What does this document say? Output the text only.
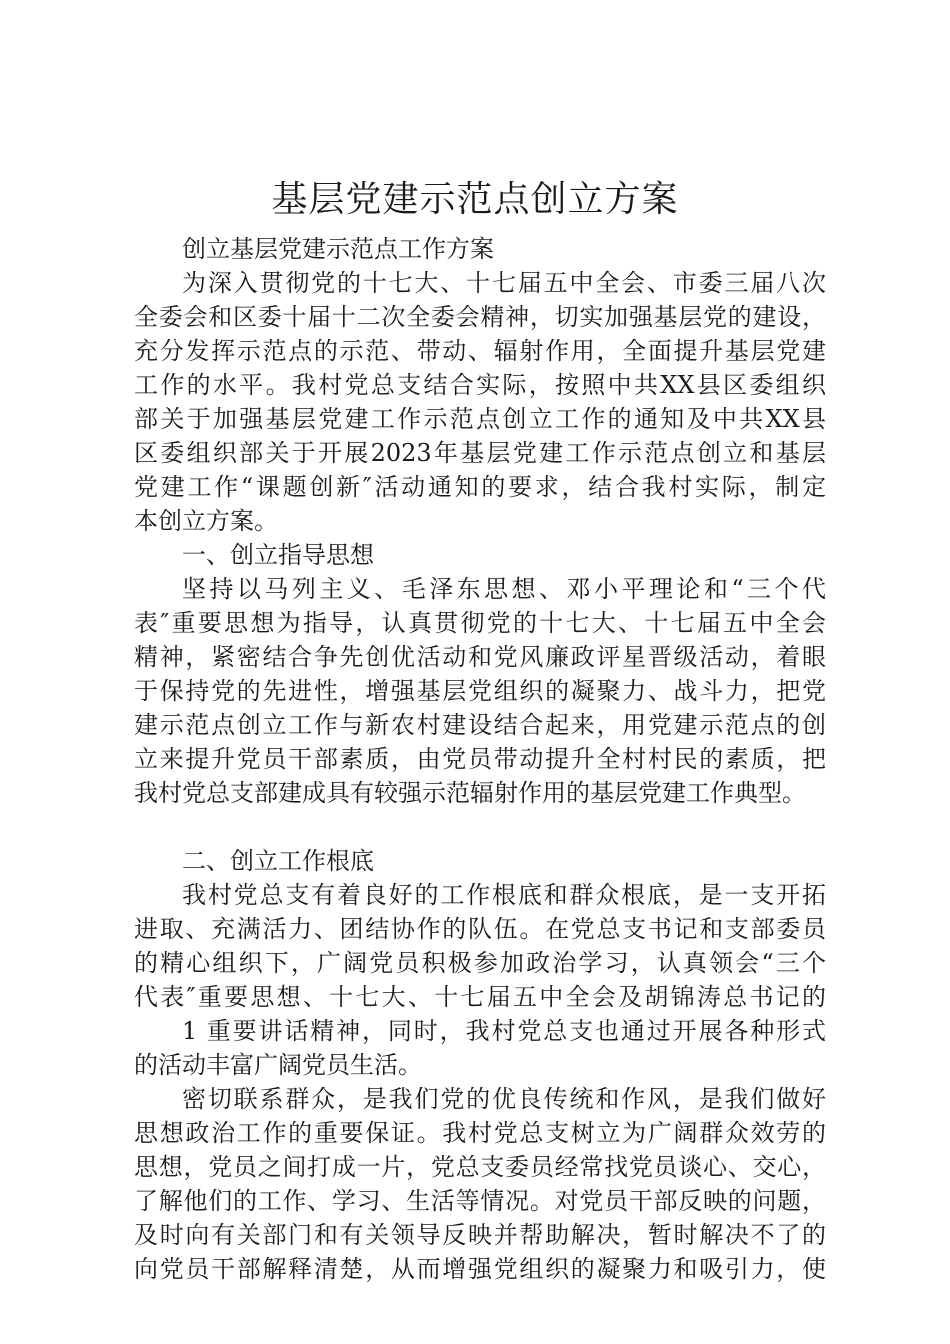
基层党建示范点创立方案
创立基层党建示范点工作方案
为深入贯彻党的十七大、十七届五中全会、市委三届八次
全委会和区委十届十二次全委会精神，切实加强基层党的建设，
充分发挥示范点的示范、带动、辐射作用，全面提升基层党建
工作的水平。我村党总支结合实际，按照中共XX县区委组织
部关于加强基层党建工作示范点创立工作的通知及中共XX县
区委组织部关于开展2023年基层党建工作示范点创立和基层
党建工作“课题创新″活动通知的要求，结合我村实际，制定
本创立方案。
一、创立指导思想
坚持以马列主义、毛泽东思想、邓小平理论和“三个代
表″重要思想为指导，认真贯彻党的十七大、十七届五中全会
精神，紧密结合争先创优活动和党风廉政评星晋级活动，着眼
于保持党的先进性，增强基层党组织的凝聚力、战斗力，把党
建示范点创立工作与新农村建设结合起来，用党建示范点的创
立来提升党员干部素质，由党员带动提升全村村民的素质，把
我村党总支部建成具有较强示范辐射作用的基层党建工作典型。
二、创立工作根底
我村党总支有着良好的工作根底和群众根底，是一支开拓
进取、充满活力、团结协作的队伍。在党总支书记和支部委员
的精心组织下，广阔党员积极参加政治学习，认真领会“三个
代表″重要思想、十七大、十七届五中全会及胡锦涛总书记的
1 重要讲话精神，同时，我村党总支也通过开展各种形式
的活动丰富广阔党员生活。
密切联系群众，是我们党的优良传统和作风，是我们做好
思想政治工作的重要保证。我村党总支树立为广阔群众效劳的
思想，党员之间打成一片，党总支委员经常找党员谈心、交心，
了解他们的工作、学习、生活等情况。对党员干部反映的问题，
及时向有关部门和有关领导反映并帮助解决，暂时解决不了的
向党员干部解释清楚，从而增强党组织的凝聚力和吸引力，使
